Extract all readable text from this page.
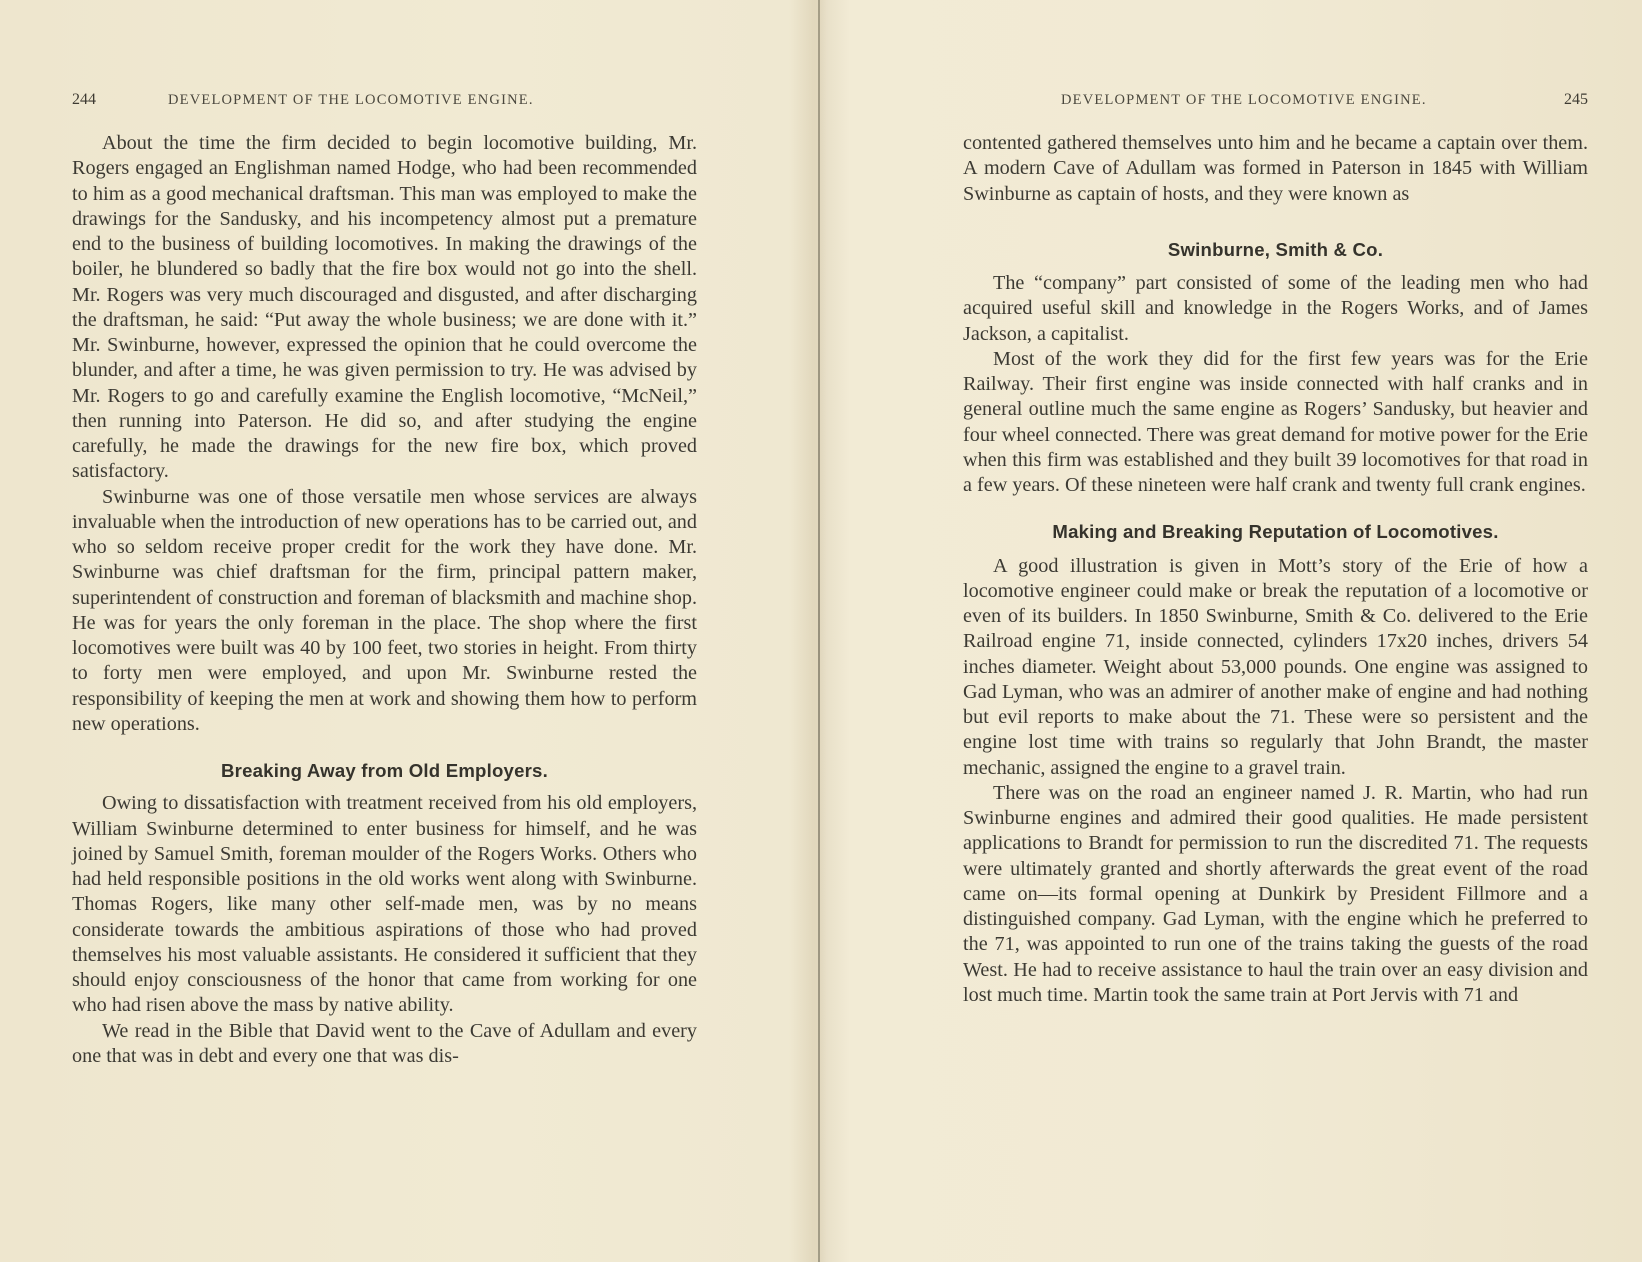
244	DEVELOPMENT OF THE LOCOMOTIVE ENGINE.

About the time the firm decided to begin locomotive building, Mr. Rogers engaged an Englishman named Hodge, who had been recommended to him as a good mechanical draftsman. This man was employed to make the drawings for the Sandusky, and his incompetency almost put a premature end to the business of building locomotives. In making the drawings of the boiler, he blundered so badly that the fire box would not go into the shell. Mr. Rogers was very much discouraged and disgusted, and after discharging the draftsman, he said: “Put away the whole business; we are done with it.” Mr. Swinburne, however, expressed the opinion that he could overcome the blunder, and after a time, he was given permission to try. He was advised by Mr. Rogers to go and carefully examine the English locomotive, “McNeil,” then running into Paterson. He did so, and after studying the engine carefully, he made the drawings for the new fire box, which proved satisfactory.

Swinburne was one of those versatile men whose services are always invaluable when the introduction of new operations has to be carried out, and who so seldom receive proper credit for the work they have done. Mr. Swinburne was chief draftsman for the firm, principal pattern maker, superintendent of construction and foreman of blacksmith and machine shop. He was for years the only foreman in the place. The shop where the first locomotives were built was 40 by 100 feet, two stories in height. From thirty to forty men were employed, and upon Mr. Swinburne rested the responsibility of keeping the men at work and showing them how to perform new operations.

Breaking Away from Old Employers.

Owing to dissatisfaction with treatment received from his old employers, William Swinburne determined to enter business for himself, and he was joined by Samuel Smith, foreman moulder of the Rogers Works. Others who had held responsible positions in the old works went along with Swinburne. Thomas Rogers, like many other self-made men, was by no means considerate towards the ambitious aspirations of those who had proved themselves his most valuable assistants. He considered it sufficient that they should enjoy consciousness of the honor that came from working for one who had risen above the mass by native ability.

We read in the Bible that David went to the Cave of Adullam and every one that was in debt and every one that was dis-

DEVELOPMENT OF THE LOCOMOTIVE ENGINE.	245

contented gathered themselves unto him and he became a captain over them. A modern Cave of Adullam was formed in Paterson in 1845 with William Swinburne as captain of hosts, and they were known as

Swinburne, Smith & Co.

The “company” part consisted of some of the leading men who had acquired useful skill and knowledge in the Rogers Works, and of James Jackson, a capitalist.

Most of the work they did for the first few years was for the Erie Railway. Their first engine was inside connected with half cranks and in general outline much the same engine as Rogers’ Sandusky, but heavier and four wheel connected. There was great demand for motive power for the Erie when this firm was established and they built 39 locomotives for that road in a few years. Of these nineteen were half crank and twenty full crank engines.

Making and Breaking Reputation of Locomotives.

A good illustration is given in Mott’s story of the Erie of how a locomotive engineer could make or break the reputation of a locomotive or even of its builders. In 1850 Swinburne, Smith & Co. delivered to the Erie Railroad engine 71, inside connected, cylinders 17x20 inches, drivers 54 inches diameter. Weight about 53,000 pounds. One engine was assigned to Gad Lyman, who was an admirer of another make of engine and had nothing but evil reports to make about the 71. These were so persistent and the engine lost time with trains so regularly that John Brandt, the master mechanic, assigned the engine to a gravel train.

There was on the road an engineer named J. R. Martin, who had run Swinburne engines and admired their good qualities. He made persistent applications to Brandt for permission to run the discredited 71. The requests were ultimately granted and shortly afterwards the great event of the road came on—its formal opening at Dunkirk by President Fillmore and a distinguished company. Gad Lyman, with the engine which he preferred to the 71, was appointed to run one of the trains taking the guests of the road West. He had to receive assistance to haul the train over an easy division and lost much time. Martin took the same train at Port Jervis with 71 and
